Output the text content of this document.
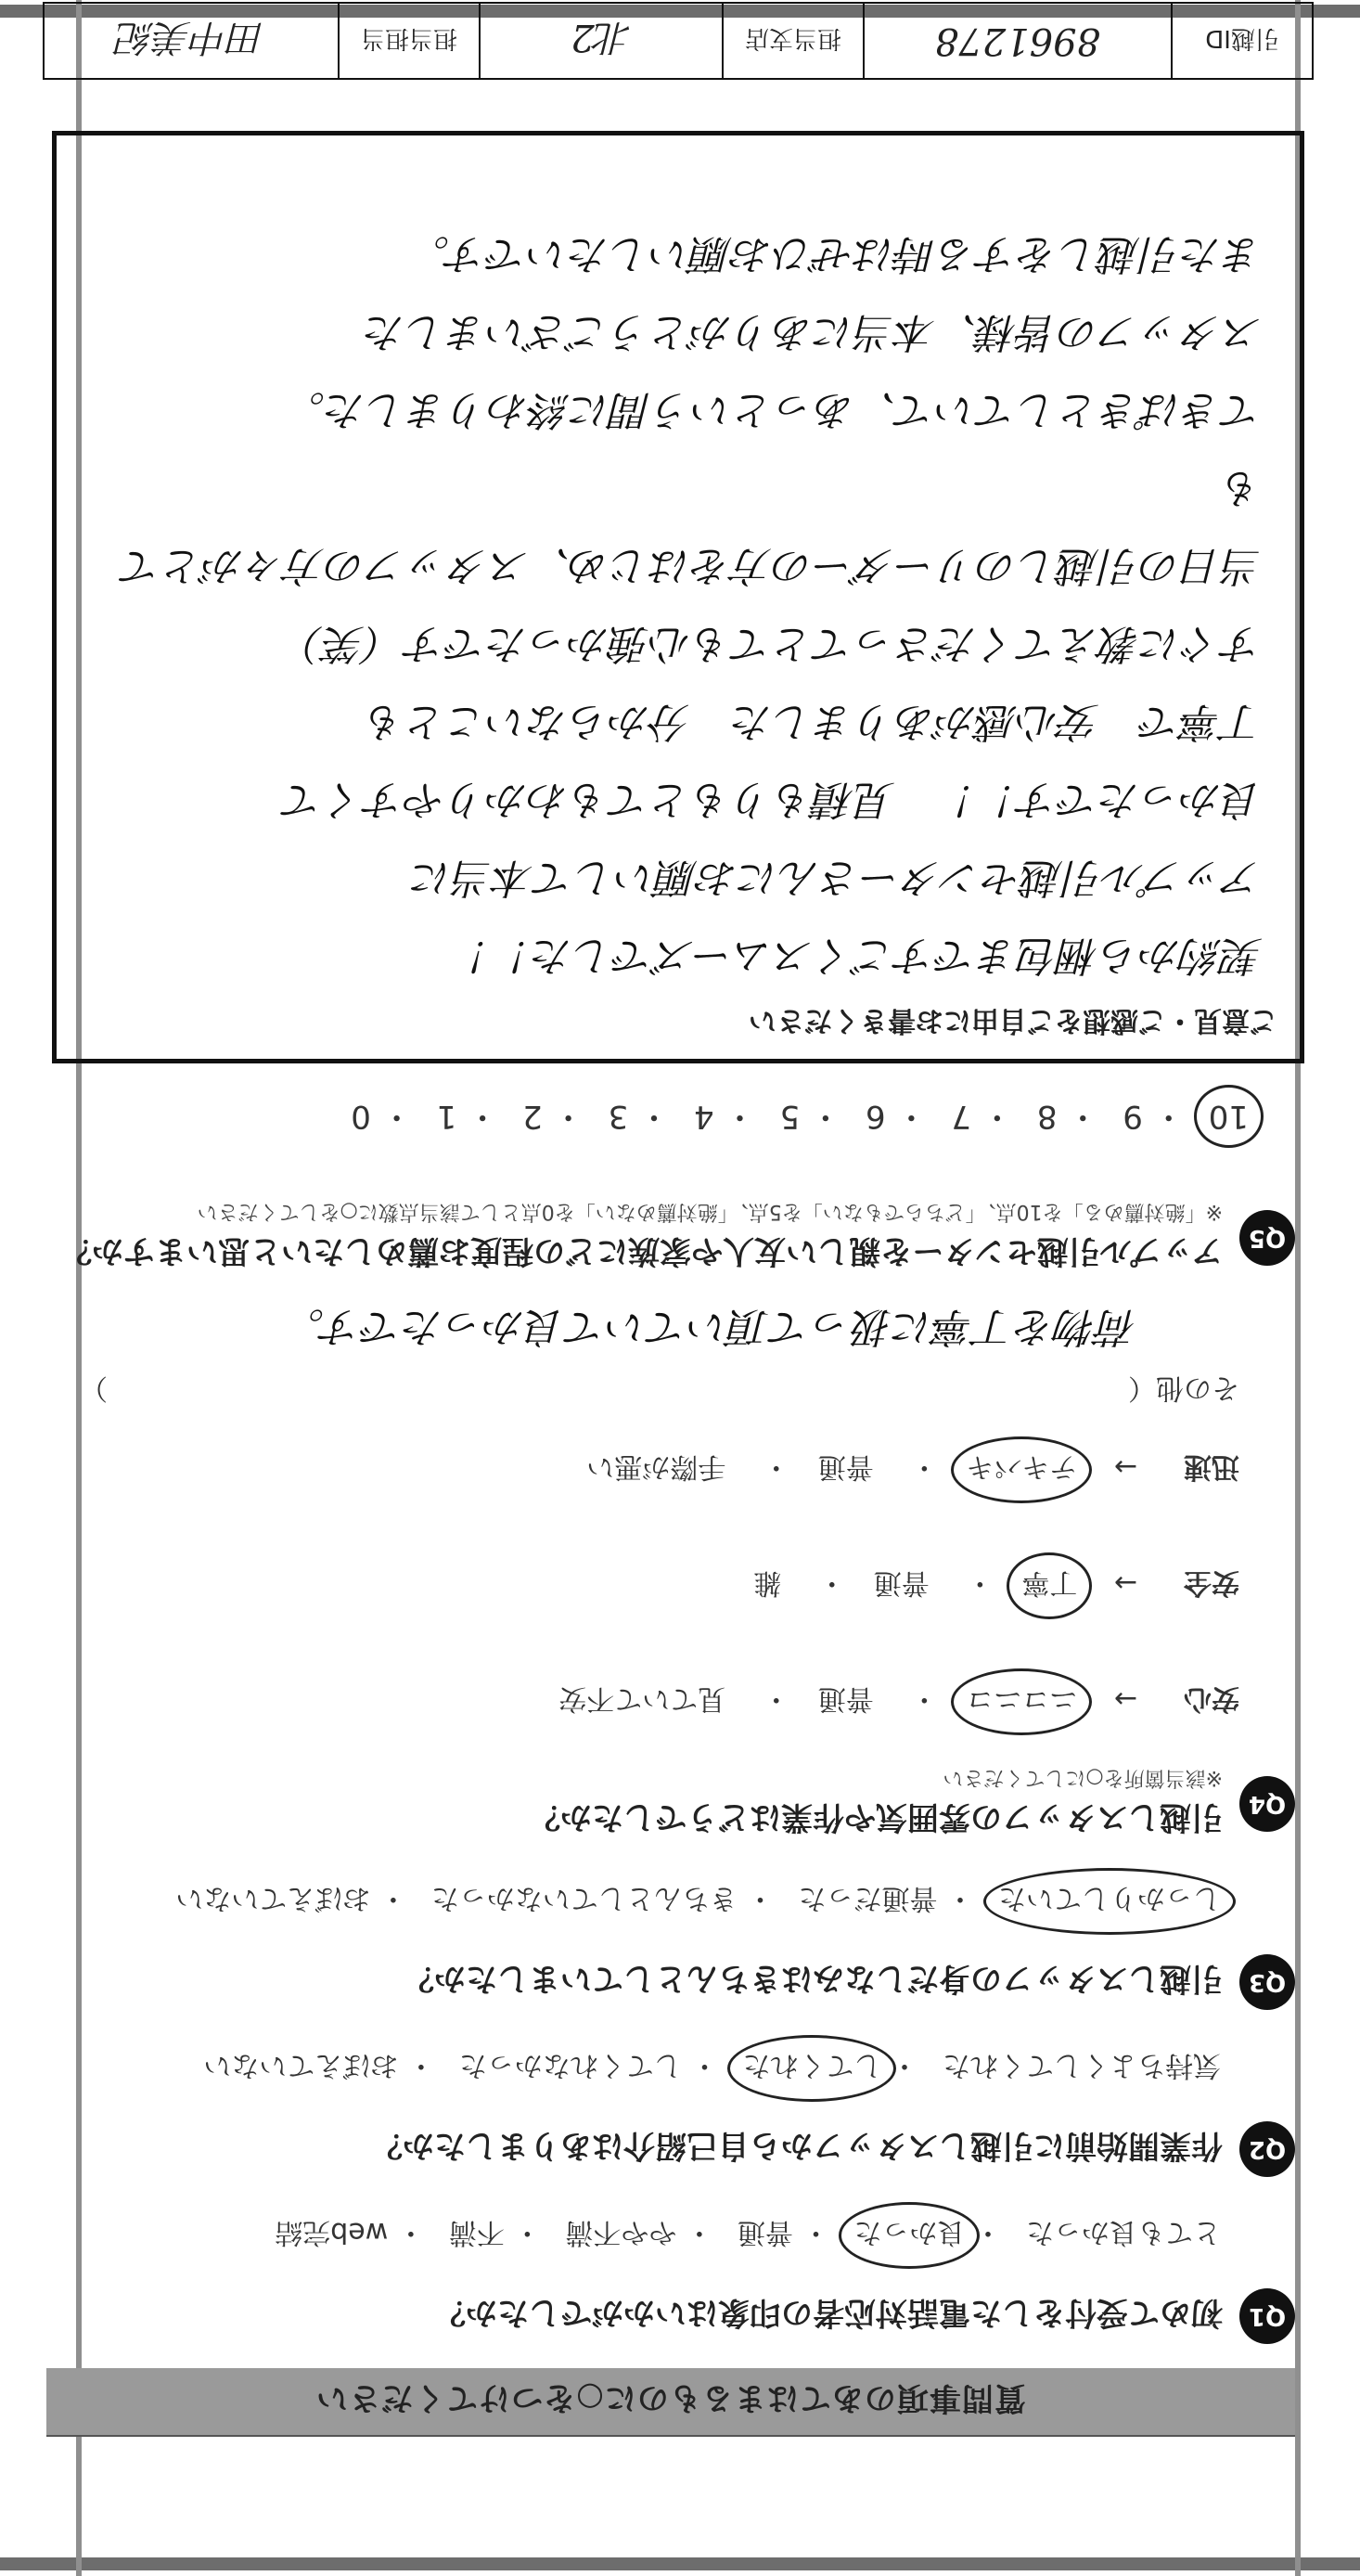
質問事項のあてはまるものに○をつけてください
Q1
初めて受付をした電話対応者の印象はいかがでしたか？
とても良かった・ 良かった・ 普通・ やや不満・ 不満・ web完結
Q2
作業開始前に引越しスタッフから自己紹介はありましたか？
気持ちよくしてくれた・ してくれた・ してくれなかった・ おぼえていない
Q3
引越しスタッフの身だしなみはきちんとしていましたか？
しっかりしていた・ 普通だった・ きちんとしていなかった・ おぼえていない
Q4
引越しスタッフの雰囲気や作業はどうでしたか？
※該当箇所を○にしてください
安心→　 ニコニコ　・　 普通　・　 見ていて不安
安全→　 丁寧　・　 普通　・　 雑
迅速→　 テキパキ　・　 普通　・　 手際が悪い
その他（
）
荷物を丁寧に扱って頂いていて良かったです。
Q5
アップル引越センターを親しい友人や家族にどの程度お薦めしたいと思いますか？
※「絶対薦める」を10点、「どちらでもない」を5点、「絶対薦めない」を0点として該当点数に○をしてください
10・ 9・ 8・ 7・ 6・ 5・ 4・ 3・ 2・ 1・ 0
ご意見・ご感想をご自由にお書きください
契約から梱包まですごくスムーズでした！！
アップル引越センターさんにお願いして本当に
良かったです！！　見積もりもとてもわかりやすくて
丁寧で　安心感がありました　分からないことも
すぐに教えてくださってとても心強かったです（笑）
当日の引越しのリーダーの方をはじめ、スタッフの方々がとても
てきぱきとしていて、あっという間に終わりました。
スタッフの皆様、本当にありがとうございました
また引越しをする時はぜひお願いしたいです。
引越ID
8961278
担当支店
北2
担当担当
田中美紀
